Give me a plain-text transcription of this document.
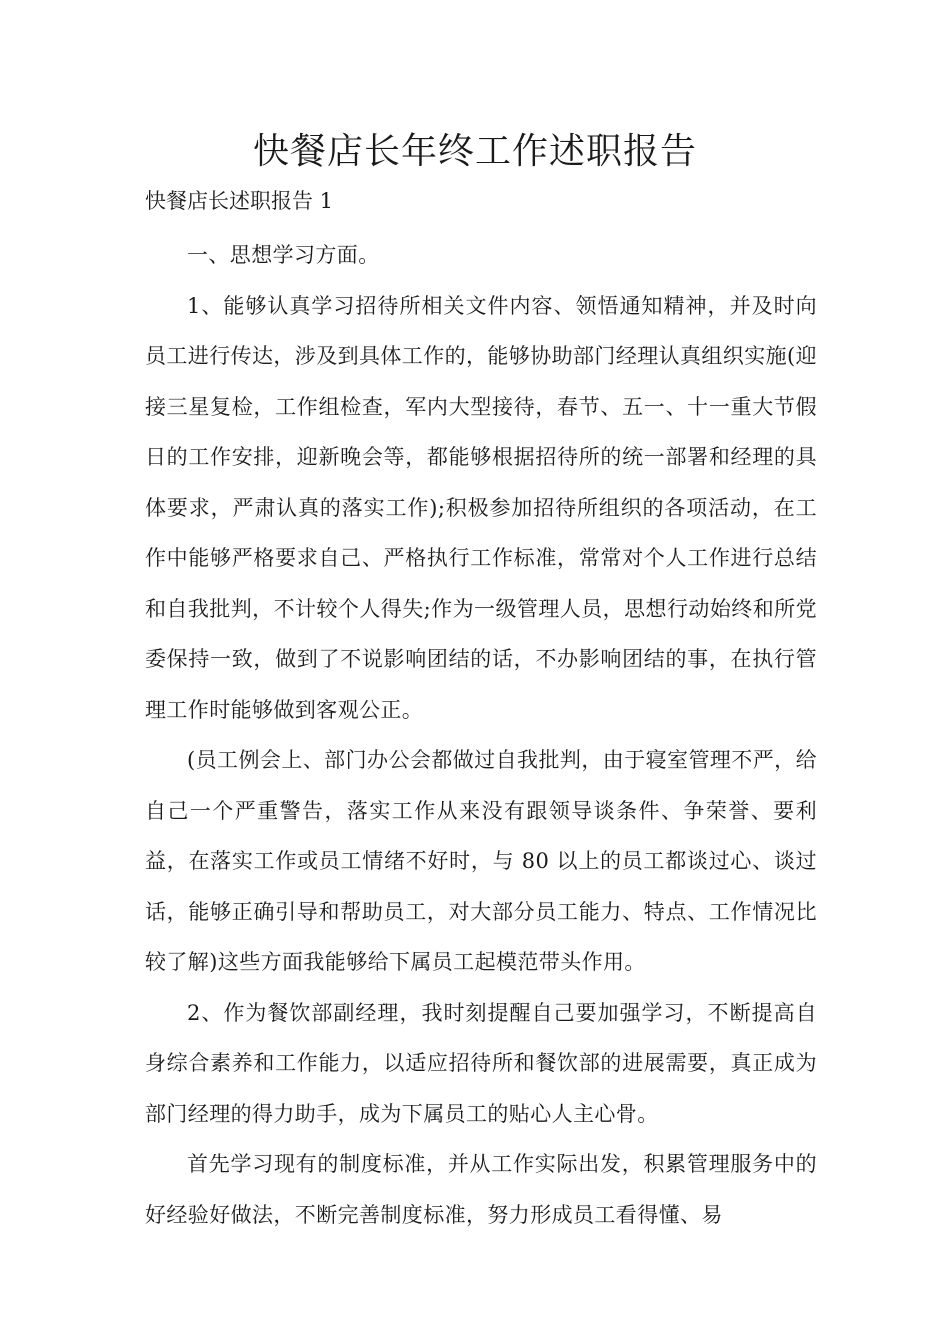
快餐店长年终工作述职报告
快餐店长述职报告 1

一、思想学习方面。

1、能够认真学习招待所相关文件内容、领悟通知精神，并及时向员工进行传达，涉及到具体工作的，能够协助部门经理认真组织实施(迎接三星复检，工作组检查，军内大型接待，春节、五一、十一重大节假日的工作安排，迎新晚会等，都能够根据招待所的统一部署和经理的具体要求，严肃认真的落实工作);积极参加招待所组织的各项活动，在工作中能够严格要求自己、严格执行工作标准，常常对个人工作进行总结和自我批判，不计较个人得失;作为一级管理人员，思想行动始终和所党委保持一致，做到了不说影响团结的话，不办影响团结的事，在执行管理工作时能够做到客观公正。

(员工例会上、部门办公会都做过自我批判，由于寝室管理不严，给自己一个严重警告，落实工作从来没有跟领导谈条件、争荣誉、要利益，在落实工作或员工情绪不好时，与 80 以上的员工都谈过心、谈过话，能够正确引导和帮助员工，对大部分员工能力、特点、工作情况比较了解)这些方面我能够给下属员工起模范带头作用。

2、作为餐饮部副经理，我时刻提醒自己要加强学习，不断提高自身综合素养和工作能力，以适应招待所和餐饮部的进展需要，真正成为部门经理的得力助手，成为下属员工的贴心人主心骨。

首先学习现有的制度标准，并从工作实际出发，积累管理服务中的好经验好做法，不断完善制度标准，努力形成员工看得懂、易
